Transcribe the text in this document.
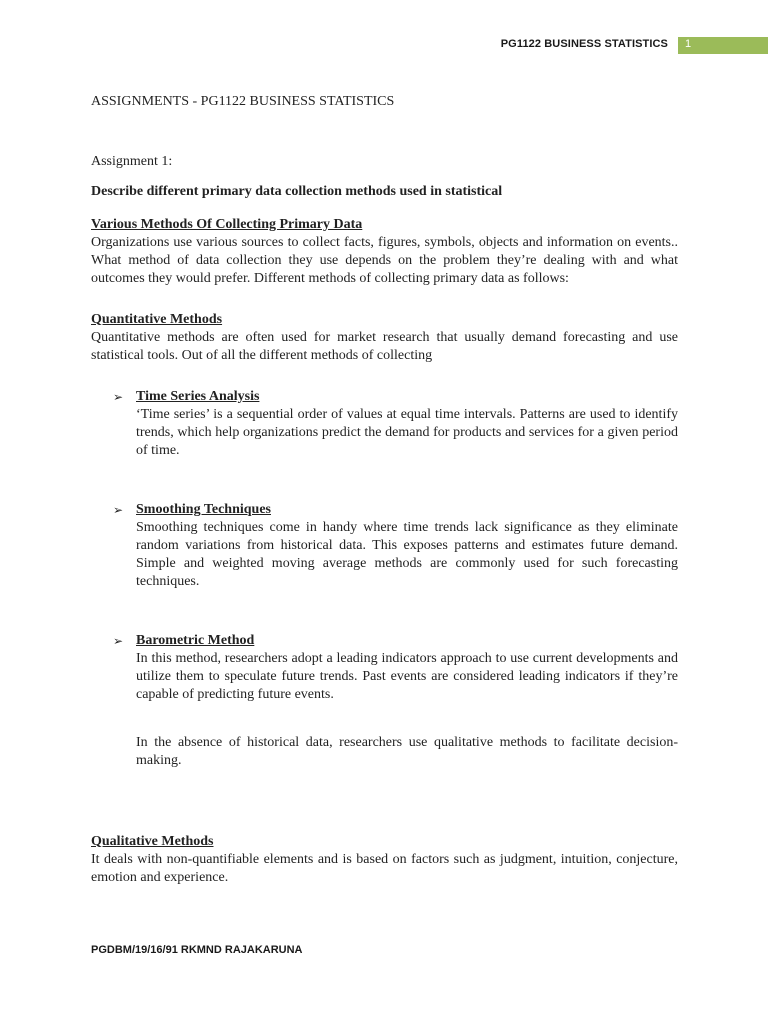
PG1122 BUSINESS STATISTICS 1

ASSIGNMENTS - PG1122 BUSINESS STATISTICS

Assignment 1:

Describe different primary data collection methods used in statistical

Various Methods Of Collecting Primary Data

Organizations use various sources to collect facts, figures, symbols, objects and information on events.. What method of data collection they use depends on the problem they’re dealing with and what outcomes they would prefer. Different methods of collecting primary data as follows:

Quantitative Methods

Quantitative methods are often used for market research that usually demand forecasting and use statistical tools. Out of all the different methods of collecting

➢ Time Series Analysis

‘Time series’ is a sequential order of values at equal time intervals. Patterns are used to identify trends, which help organizations predict the demand for products and services for a given period of time.

➢ Smoothing Techniques

Smoothing techniques come in handy where time trends lack significance as they eliminate random variations from historical data. This exposes patterns and estimates future demand. Simple and weighted moving average methods are commonly used for such forecasting techniques.

➢ Barometric Method

In this method, researchers adopt a leading indicators approach to use current developments and utilize them to speculate future trends. Past events are considered leading indicators if they’re capable of predicting future events.

In the absence of historical data, researchers use qualitative methods to facilitate decision-making.

Qualitative Methods

It deals with non-quantifiable elements and is based on factors such as judgment, intuition, conjecture, emotion and experience.

PGDBM/19/16/91 RKMND RAJAKARUNA
